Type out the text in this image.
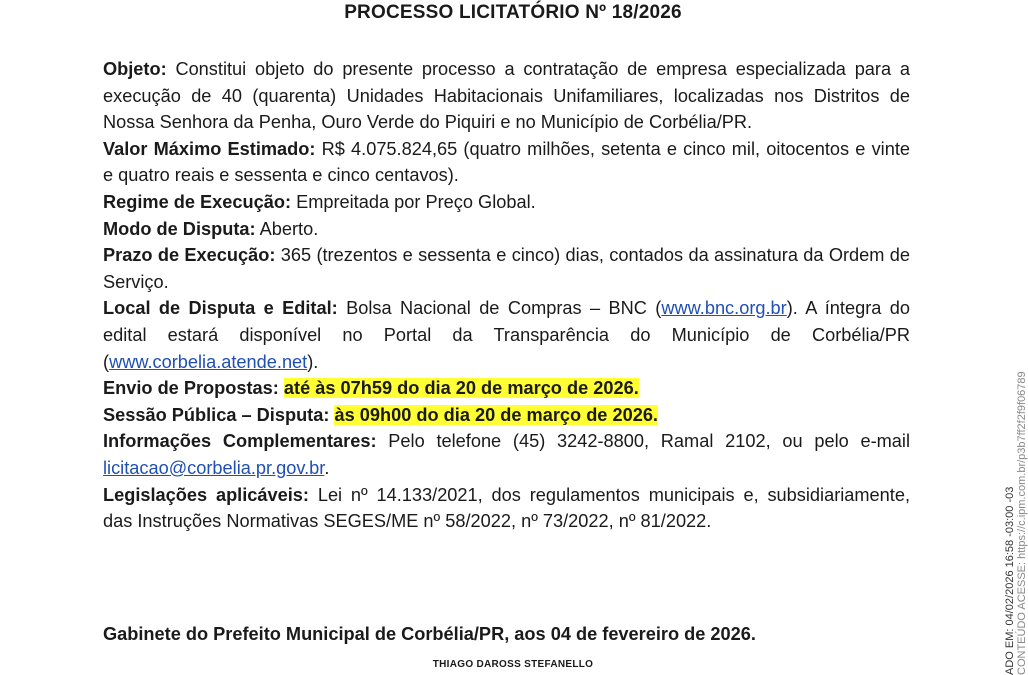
PROCESSO LICITATÓRIO Nº 18/2026

Objeto: Constitui objeto do presente processo a contratação de empresa especializada para a execução de 40 (quarenta) Unidades Habitacionais Unifamiliares, localizadas nos Distritos de Nossa Senhora da Penha, Ouro Verde do Piquiri e no Município de Corbélia/PR.

Valor Máximo Estimado: R$ 4.075.824,65 (quatro milhões, setenta e cinco mil, oitocentos e vinte e quatro reais e sessenta e cinco centavos).

Regime de Execução: Empreitada por Preço Global.

Modo de Disputa: Aberto.

Prazo de Execução: 365 (trezentos e sessenta e cinco) dias, contados da assinatura da Ordem de Serviço.

Local de Disputa e Edital: Bolsa Nacional de Compras – BNC (www.bnc.org.br). A íntegra do edital estará disponível no Portal da Transparência do Município de Corbélia/PR (www.corbelia.atende.net).

Envio de Propostas: até às 07h59 do dia 20 de março de 2026.

Sessão Pública – Disputa: às 09h00 do dia 20 de março de 2026.

Informações Complementares: Pelo telefone (45) 3242-8800, Ramal 2102, ou pelo e-mail licitacao@corbelia.pr.gov.br.

Legislações aplicáveis: Lei nº 14.133/2021, dos regulamentos municipais e, subsidiariamente, das Instruções Normativas SEGES/ME nº 58/2022, nº 73/2022, nº 81/2022.

Gabinete do Prefeito Municipal de Corbélia/PR, aos 04 de fevereiro de 2026.
THIAGO DAROSS STEFANELLO	ADO EM: 04/02/2026 16:58 -03:00 -03 CONTEÚDO ACESSE: https://c.ipm.com.br/p3b7ff2f2f9f06789
